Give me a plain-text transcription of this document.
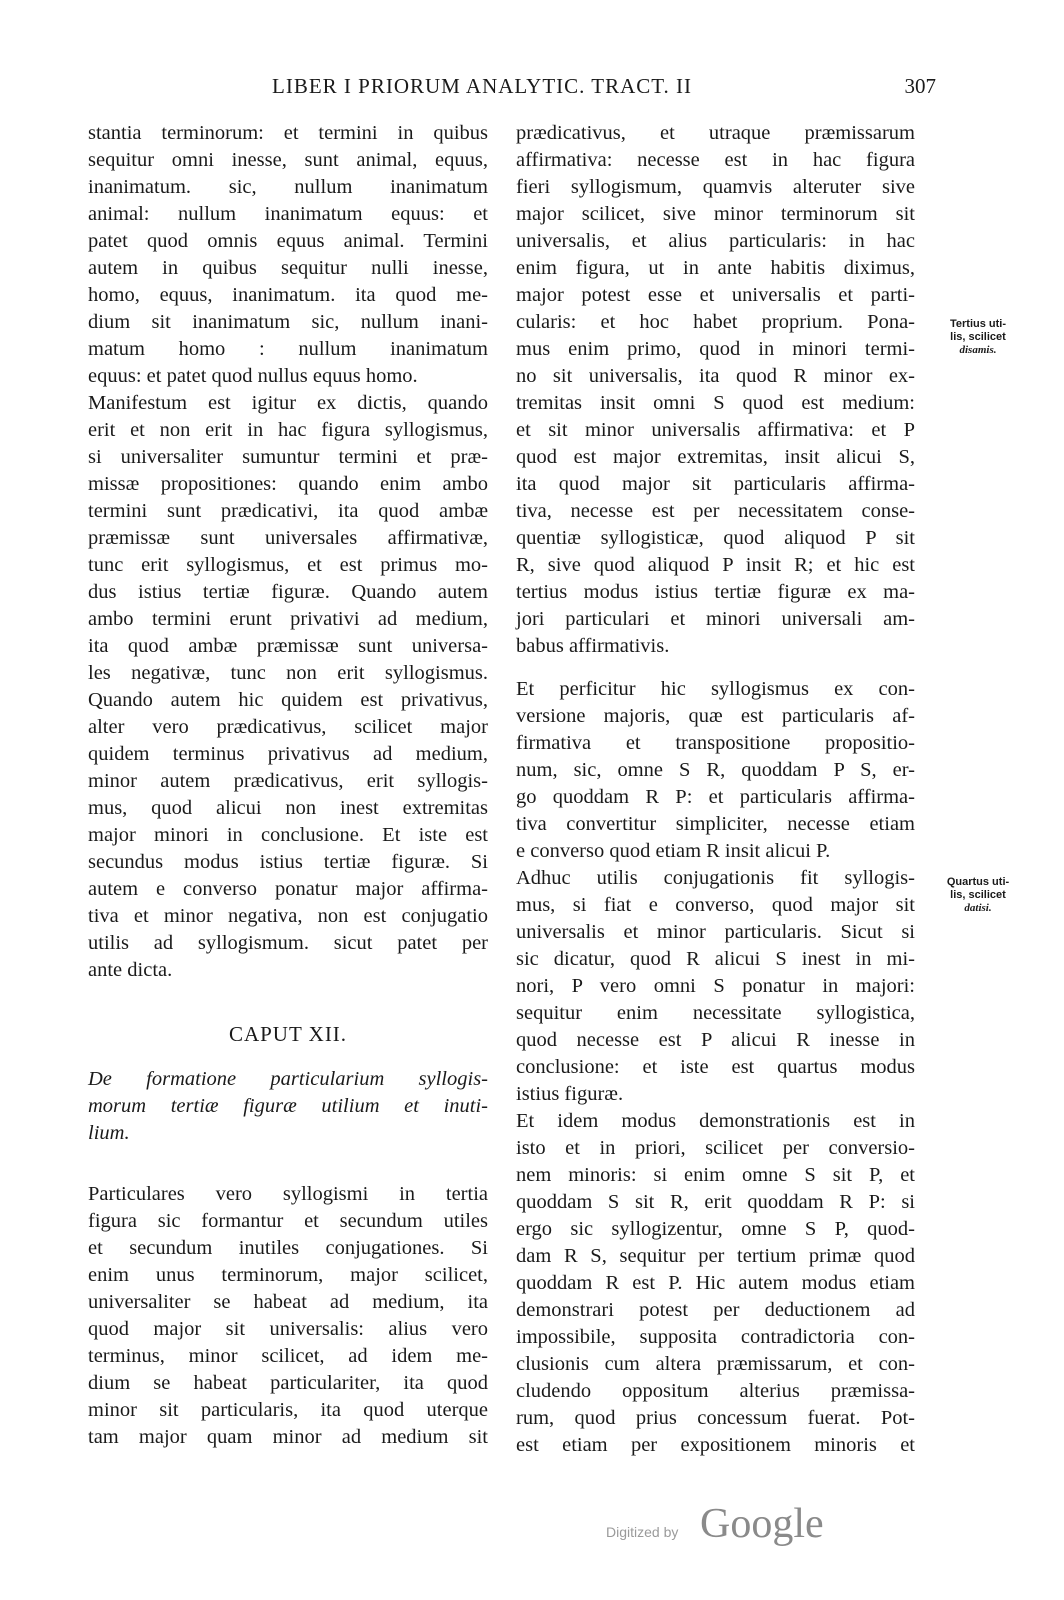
LIBER I PRIORUM ANALYTIC. TRACT. II	307
stantia terminorum: et termini in quibus
sequitur omni inesse, sunt animal, equus,
inanimatum. sic, nullum inanimatum
animal: nullum inanimatum equus: et
patet quod omnis equus animal. Termini
autem in quibus sequitur nulli inesse,
homo, equus, inanimatum. ita quod me-
dium sit inanimatum sic, nullum inani-
matum homo : nullum inanimatum
equus: et patet quod nullus equus homo.
Manifestum est igitur ex dictis, quando
erit et non erit in hac figura syllogismus,
si universaliter sumuntur termini et præ-
missæ propositiones: quando enim ambo
termini sunt prædicativi, ita quod ambæ
præmissæ sunt universales affirmativæ,
tunc erit syllogismus, et est primus mo-
dus istius tertiæ figuræ. Quando autem
ambo termini erunt privativi ad medium,
ita quod ambæ præmissæ sunt universa-
les negativæ, tunc non erit syllogismus.
Quando autem hic quidem est privativus,
alter vero prædicativus, scilicet major
quidem terminus privativus ad medium,
minor autem prædicativus, erit syllogis-
mus, quod alicui non inest extremitas
major minori in conclusione. Et iste est
secundus modus istius tertiæ figuræ. Si
autem e converso ponatur major affirma-
tiva et minor negativa, non est conjugatio
utilis ad syllogismum. sicut patet per
ante dicta.
CAPUT XII.
De formatione particularium syllogis-
morum tertiæ figuræ utilium et inuti-
lium.
Particulares vero syllogismi in tertia
figura sic formantur et secundum utiles
et secundum inutiles conjugationes. Si
enim unus terminorum, major scilicet,
universaliter se habeat ad medium, ita
quod major sit universalis: alius vero
terminus, minor scilicet, ad idem me-
dium se habeat particulariter, ita quod
minor sit particularis, ita quod uterque
tam major quam minor ad medium sit
prædicativus, et utraque præmissarum
affirmativa: necesse est in hac figura
fieri syllogismum, quamvis alteruter sive
major scilicet, sive minor terminorum sit
universalis, et alius particularis: in hac
enim figura, ut in ante habitis diximus,
major potest esse et universalis et parti-
cularis: et hoc habet proprium. Pona-
mus enim primo, quod in minori termi-
no sit universalis, ita quod R minor ex-
tremitas insit omni S quod est medium:
et sit minor universalis affirmativa: et P
quod est major extremitas, insit alicui S,
ita quod major sit particularis affirma-
tiva, necesse est per necessitatem conse-
quentiæ syllogisticæ, quod aliquod P sit
R, sive quod aliquod P insit R; et hic est
tertius modus istius tertiæ figuræ ex ma-
jori particulari et minori universali am-
babus affirmativis.
Et perficitur hic syllogismus ex con-
versione majoris, quæ est particularis af-
firmativa et transpositione propositio-
num, sic, omne S R, quoddam P S, er-
go quoddam R P: et particularis affirma-
tiva convertitur simpliciter, necesse etiam
e converso quod etiam R insit alicui P.
Adhuc utilis conjugationis fit syllogis-
mus, si fiat e converso, quod major sit
universalis et minor particularis. Sicut si
sic dicatur, quod R alicui S inest in mi-
nori, P vero omni S ponatur in majori:
sequitur enim necessitate syllogistica,
quod necesse est P alicui R inesse in
conclusione: et iste est quartus modus
istius figuræ.
Et idem modus demonstrationis est in
isto et in priori, scilicet per conversio-
nem minoris: si enim omne S sit P, et
quoddam S sit R, erit quoddam R P: si
ergo sic syllogizentur, omne S P, quod-
dam R S, sequitur per tertium primæ quod
quoddam R est P. Hic autem modus etiam
demonstrari potest per deductionem ad
impossibile, supposita contradictoria con-
clusionis cum altera præmissarum, et con-
cludendo oppositum alterius præmissa-
rum, quod prius concessum fuerat. Pot-
est etiam per expositionem minoris et
Tertius uti-
lis, scilicet
disamis.
Quartus uti-
lis, scilicet
datisi.
Digitized by Google
